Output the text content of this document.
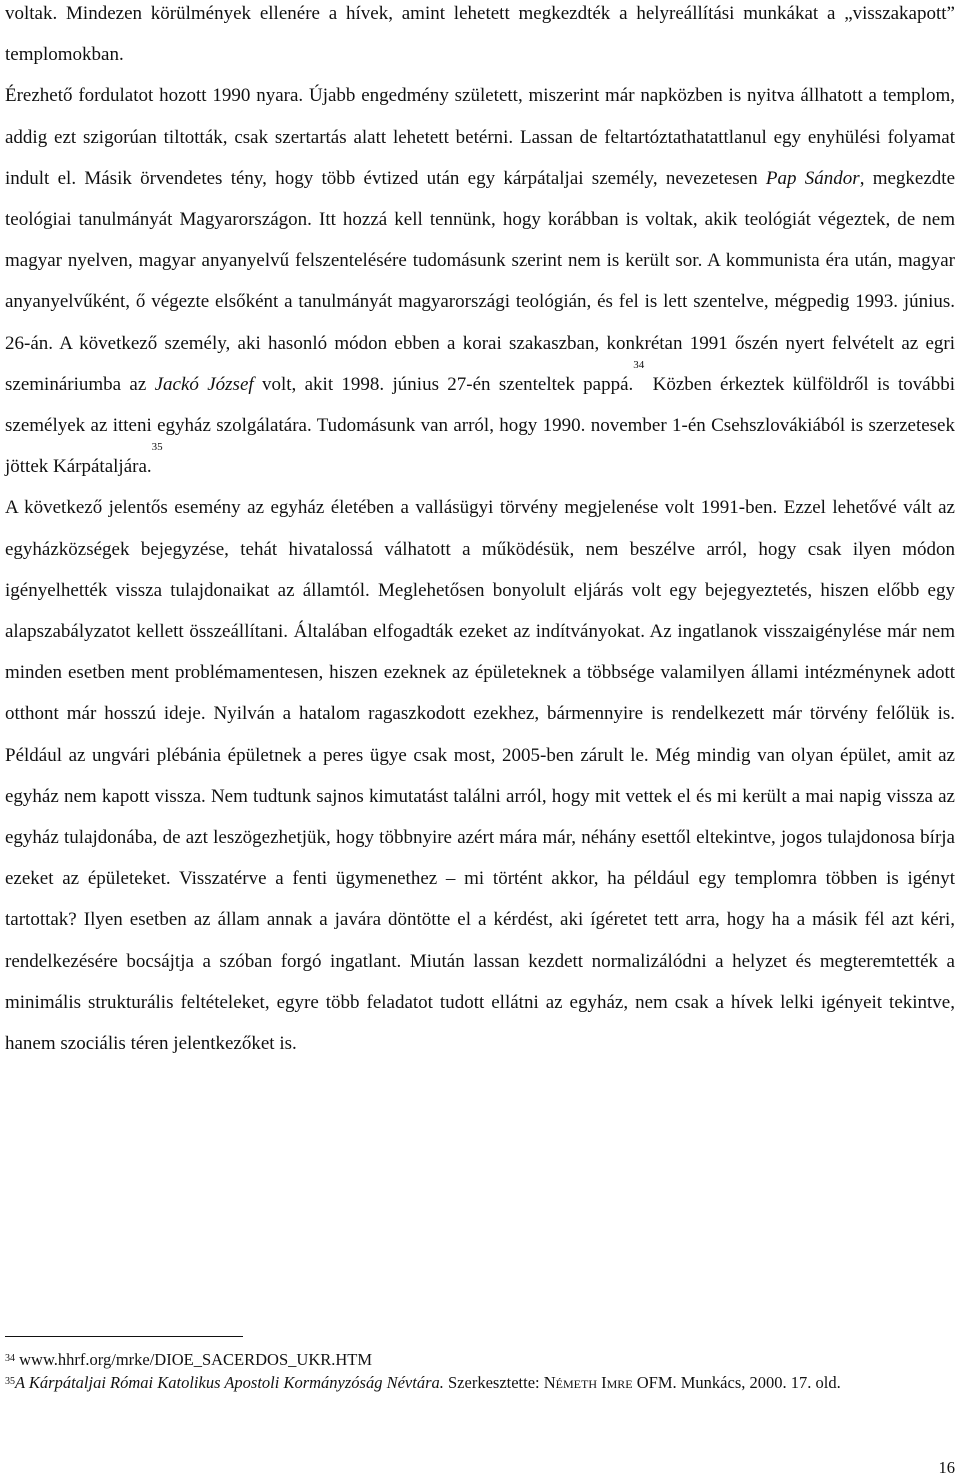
voltak. Mindezen körülmények ellenére a hívek, amint lehetett megkezdték a helyreállítási munkákat a „visszakapott” templomokban.

Érezhető fordulatot hozott 1990 nyara. Újabb engedmény született, miszerint már napközben is nyitva állhatott a templom, addig ezt szigorúan tiltották, csak szertartás alatt lehetett betérni. Lassan de feltartóztathatattlanul egy enyhülési folyamat indult el. Másik örvendetes tény, hogy több évtized után egy kárpátaljai személy, nevezetesen Pap Sándor, megkezdte teológiai tanulmányát Magyarországon. Itt hozzá kell tennünk, hogy korábban is voltak, akik teológiát végeztek, de nem magyar nyelven, magyar anyanyelvű felszentelésére tudomásunk szerint nem is került sor. A kommunista éra után, magyar anyanyelvűként, ő végezte elsőként a tanulmányát magyarországi teológián, és fel is lett szentelve, mégpedig 1993. június. 26-án. A következő személy, aki hasonló módon ebben a korai szakaszban, konkrétan 1991 őszén nyert felvételt az egri szemináriumba az Jackó József volt, akit 1998. június 27-én szenteltek pappá.$^{34}$ Közben érkeztek külföldről is további személyek az itteni egyház szolgálatára. Tudomásunk van arról, hogy 1990. november 1-én Csehszlovákiából is szerzetesek jöttek Kárpátaljára.$^{35}$

A következő jelentős esemény az egyház életében a vallásügyi törvény megjelenése volt 1991-ben. Ezzel lehetővé vált az egyházközségek bejegyzése, tehát hivatalossá válhatott a működésük, nem beszélve arról, hogy csak ilyen módon igényelhették vissza tulajdonaikat az államtól. Meglehetősen bonyolult eljárás volt egy bejegyeztetés, hiszen előbb egy alapszabályzatot kellett összeállítani. Általában elfogadták ezeket az indítványokat. Az ingatlanok visszaigénylése már nem minden esetben ment problémamentesen, hiszen ezeknek az épületeknek a többsége valamilyen állami intézménynek adott otthont már hosszú ideje. Nyilván a hatalom ragaszkodott ezekhez, bármennyire is rendelkezett már törvény felőlük is. Például az ungvári plébánia épületnek a peres ügye csak most, 2005-ben zárult le. Még mindig van olyan épület, amit az egyház nem kapott vissza. Nem tudtunk sajnos kimutatást találni arról, hogy mit vettek el és mi került a mai napig vissza az egyház tulajdonába, de azt leszögezhetjük, hogy többnyire azért mára már, néhány esettől eltekintve, jogos tulajdonosa bírja ezeket az épületeket. Visszatérve a fenti ügymenethez – mi történt akkor, ha például egy templomra többen is igényt tartottak? Ilyen esetben az állam annak a javára döntötte el a kérdést, aki ígéretet tett arra, hogy ha a másik fél azt kéri, rendelkezésére bocsájtja a szóban forgó ingatlant. Miután lassan kezdett normalizálódni a helyzet és megteremtették a minimális strukturális feltételeket, egyre több feladatot tudott ellátni az egyház, nem csak a hívek lelki igényeit tekintve, hanem szociális téren jelentkezőket is.

$^{34}$ www.hhrf.org/mrke/DIOE_SACERDOS_UKR.HTM
$^{35}$A Kárpátaljai Római Katolikus Apostoli Kormányzóság Névtára. Szerkesztette: Németh Imre OFM. Munkács, 2000. 17. old.
16
